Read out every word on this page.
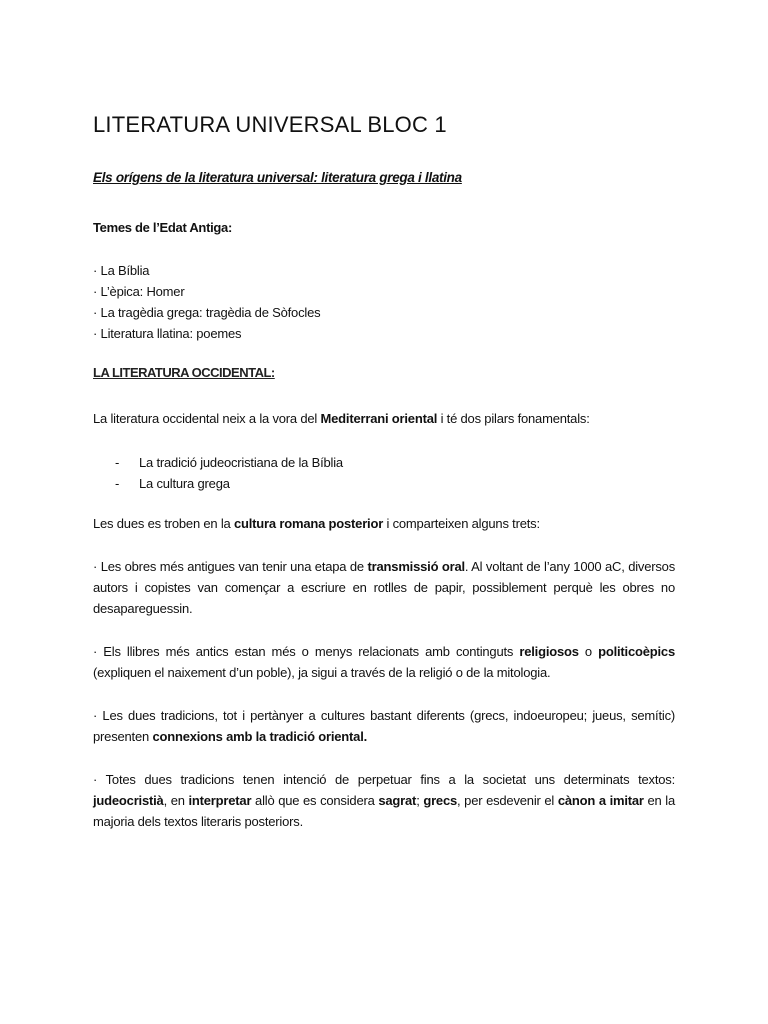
LITERATURA UNIVERSAL BLOC 1
Els orígens de la literatura universal: literatura grega i llatina
Temes de l’Edat Antiga:
· La Bíblia
· L’èpica: Homer
· La tragèdia grega: tragèdia de Sòfocles
· Literatura llatina: poemes
LA LITERATURA OCCIDENTAL:

La literatura occidental neix a la vora del Mediterrani oriental i té dos pilars fonamentals:

- La tradició judeocristiana de la Bíblia
- La cultura grega

Les dues es troben en la cultura romana posterior i comparteixen alguns trets:

· Les obres més antigues van tenir una etapa de transmissió oral. Al voltant de l’any 1000 aC, diversos autors i copistes van començar a escriure en rotlles de papir, possiblement perquè les obres no desapareguessin.

· Els llibres més antics estan més o menys relacionats amb continguts religiosos o politicoèpics (expliquen el naixement d’un poble), ja sigui a través de la religió o de la mitologia.

· Les dues tradicions, tot i pertànyer a cultures bastant diferents (grecs, indoeuropeu; jueus, semític) presenten connexions amb la tradició oriental.

· Totes dues tradicions tenen intenció de perpetuar fins a la societat uns determinats textos: judeocristià, en interpretar allò que es considera sagrat; grecs, per esdevenir el cànon a imitar en la majoria dels textos literaris posteriors.
